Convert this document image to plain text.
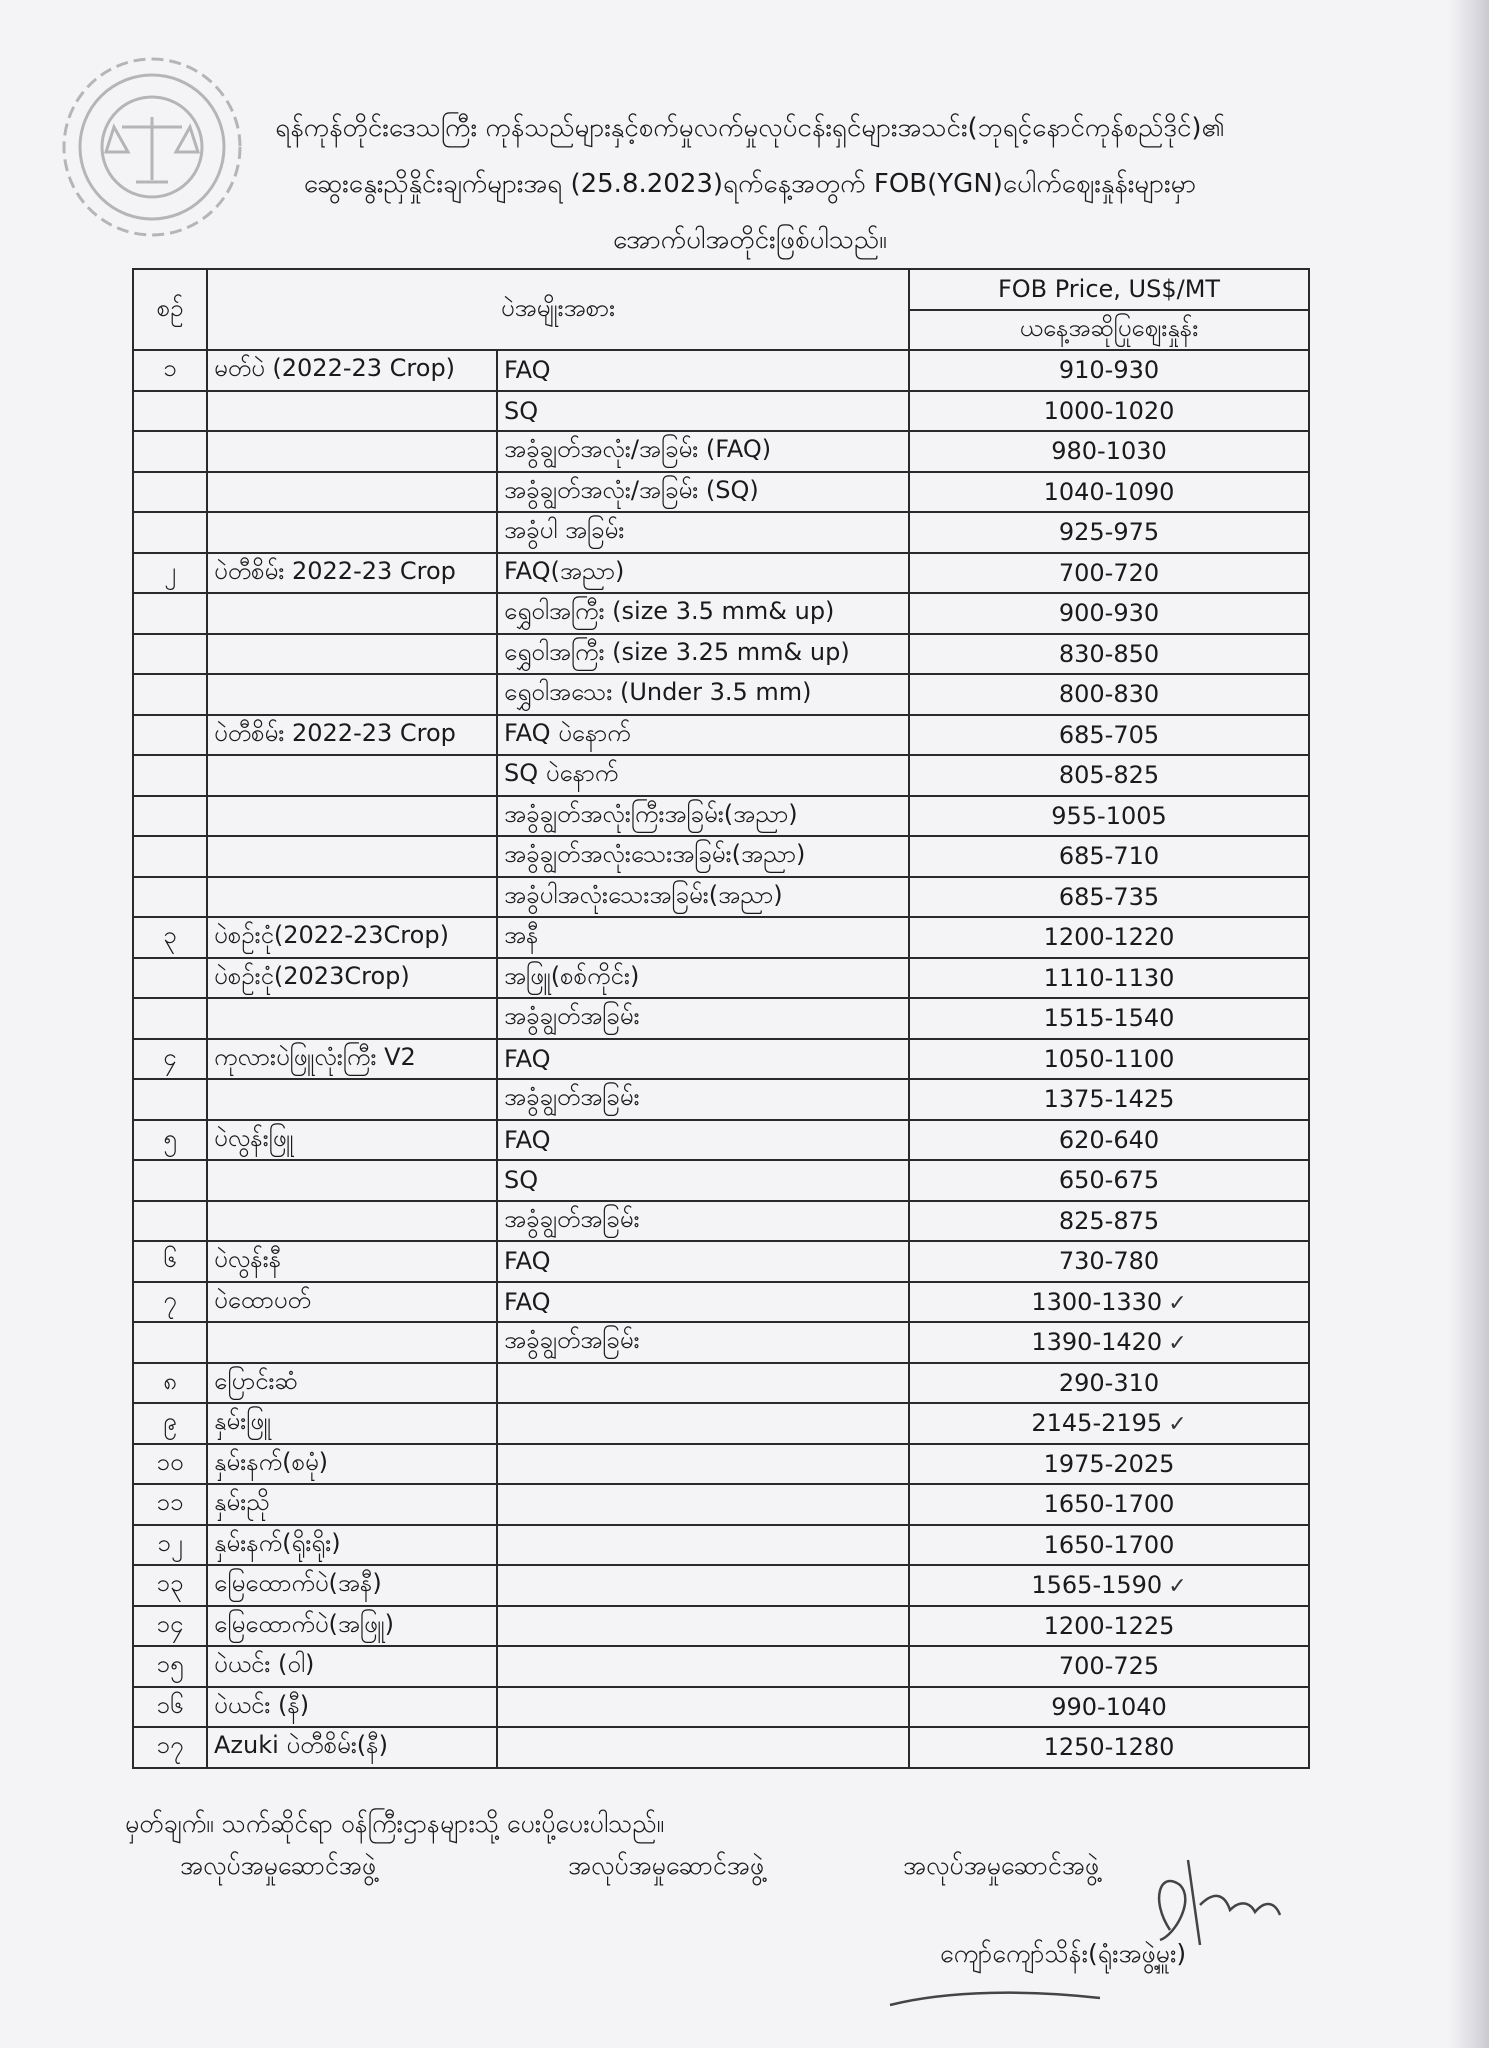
ရန်ကုန်တိုင်းဒေသကြီး ကုန်သည်များနှင့်စက်မှုလက်မှုလုပ်ငန်းရှင်များအသင်း(ဘုရင့်နောင်ကုန်စည်ဒိုင်)၏
ဆွေးနွေးညှိနှိုင်းချက်များအရ (25.8.2023)ရက်နေ့အတွက် FOB(YGN)ပေါက်ဈေးနှုန်းများမှာ
အောက်ပါအတိုင်းဖြစ်ပါသည်။
စဉ်	ပဲအမျိုးအစား		FOB Price, US$/MT
			ယနေ့အဆိုပြုဈေးနှုန်း
၁	မတ်ပဲ (2022-23 Crop)	FAQ	910-930
		SQ	1000-1020
		အခွံချွတ်အလုံး/အခြမ်း (FAQ)	980-1030
		အခွံချွတ်အလုံး/အခြမ်း (SQ)	1040-1090
		အခွံပါ အခြမ်း	925-975
၂	ပဲတီစိမ်း 2022-23 Crop	FAQ(အညာ)	700-720
		ရွှေဝါအကြီး (size 3.5 mm& up)	900-930
		ရွှေဝါအကြီး (size 3.25 mm& up)	830-850
		ရွှေဝါအသေး (Under 3.5 mm)	800-830
	ပဲတီစိမ်း 2022-23 Crop	FAQ ပဲနောက်	685-705
		SQ ပဲနောက်	805-825
		အခွံချွတ်အလုံးကြီးအခြမ်း(အညာ)	955-1005
		အခွံချွတ်အလုံးသေးအခြမ်း(အညာ)	685-710
		အခွံပါအလုံးသေးအခြမ်း(အညာ)	685-735
၃	ပဲစဉ်းငုံ(2022-23Crop)	အနီ	1200-1220
	ပဲစဉ်းငုံ(2023Crop)	အဖြူ(စစ်ကိုင်း)	1110-1130
		အခွံချွတ်အခြမ်း	1515-1540
၄	ကုလားပဲဖြူလုံးကြီး V2	FAQ	1050-1100
		အခွံချွတ်အခြမ်း	1375-1425
၅	ပဲလွန်းဖြူ	FAQ	620-640
		SQ	650-675
		အခွံချွတ်အခြမ်း	825-875
၆	ပဲလွန်းနီ	FAQ	730-780
၇	ပဲထောပတ်	FAQ	1300-1330 ✓
		အခွံချွတ်အခြမ်း	1390-1420 ✓
၈	ပြောင်းဆံ		290-310
၉	နှမ်းဖြူ		2145-2195 ✓
၁၀	နှမ်းနက်(စမုံ)		1975-2025
၁၁	နှမ်းညို		1650-1700
၁၂	နှမ်းနက်(ရိုးရိုး)		1650-1700
၁၃	မြေထောက်ပဲ(အနီ)		1565-1590 ✓
၁၄	မြေထောက်ပဲ(အဖြူ)		1200-1225
၁၅	ပဲယင်း (ဝါ)		700-725
၁၆	ပဲယင်း (နီ)		990-1040
၁၇	Azuki ပဲတီစိမ်း(နီ)		1250-1280
မှတ်ချက်။ သက်ဆိုင်ရာ ဝန်ကြီးဌာနများသို့ ပေးပို့ပေးပါသည်။
အလုပ်အမှုဆောင်အဖွဲ့	အလုပ်အမှုဆောင်အဖွဲ့	အလုပ်အမှုဆောင်အဖွဲ့
ကျော်ကျော်သိန်း(ရုံးအဖွဲ့မှူး)
